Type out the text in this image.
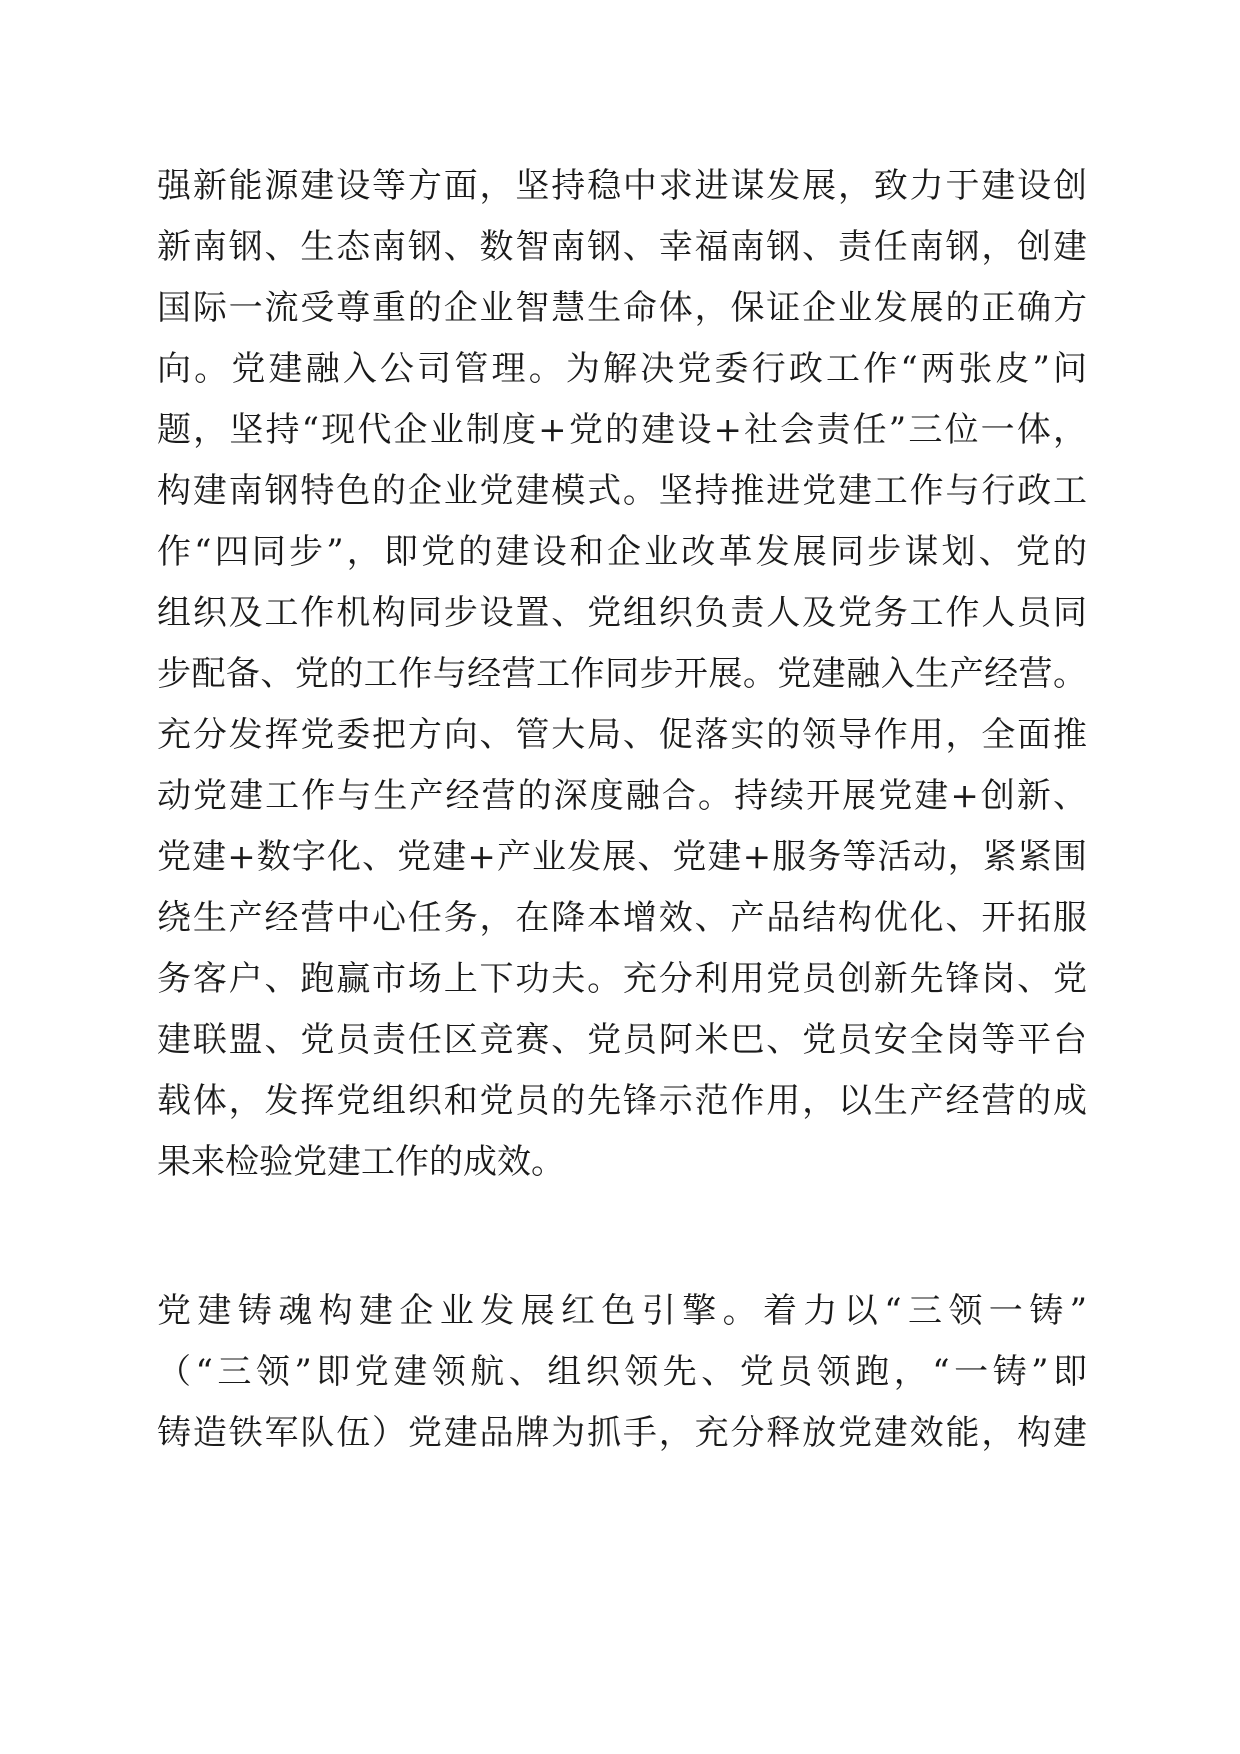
强新能源建设等方面，坚持稳中求进谋发展，致力于建设创
新南钢、生态南钢、数智南钢、幸福南钢、责任南钢，创建
国际一流受尊重的企业智慧生命体，保证企业发展的正确方
向。党建融入公司管理。为解决党委行政工作“两张皮”问
题，坚持“现代企业制度+党的建设+社会责任”三位一体，
构建南钢特色的企业党建模式。坚持推进党建工作与行政工
作“四同步”，即党的建设和企业改革发展同步谋划、党的
组织及工作机构同步设置、党组织负责人及党务工作人员同
步配备、党的工作与经营工作同步开展。党建融入生产经营。
充分发挥党委把方向、管大局、促落实的领导作用，全面推
动党建工作与生产经营的深度融合。持续开展党建+创新、
党建+数字化、党建+产业发展、党建+服务等活动，紧紧围
绕生产经营中心任务，在降本增效、产品结构优化、开拓服
务客户、跑赢市场上下功夫。充分利用党员创新先锋岗、党
建联盟、党员责任区竞赛、党员阿米巴、党员安全岗等平台
载体，发挥党组织和党员的先锋示范作用，以生产经营的成
果来检验党建工作的成效。
党建铸魂构建企业发展红色引擎。着力以“三领一铸”
（“三领”即党建领航、组织领先、党员领跑，“一铸”即
铸造铁军队伍）党建品牌为抓手，充分释放党建效能，构建
